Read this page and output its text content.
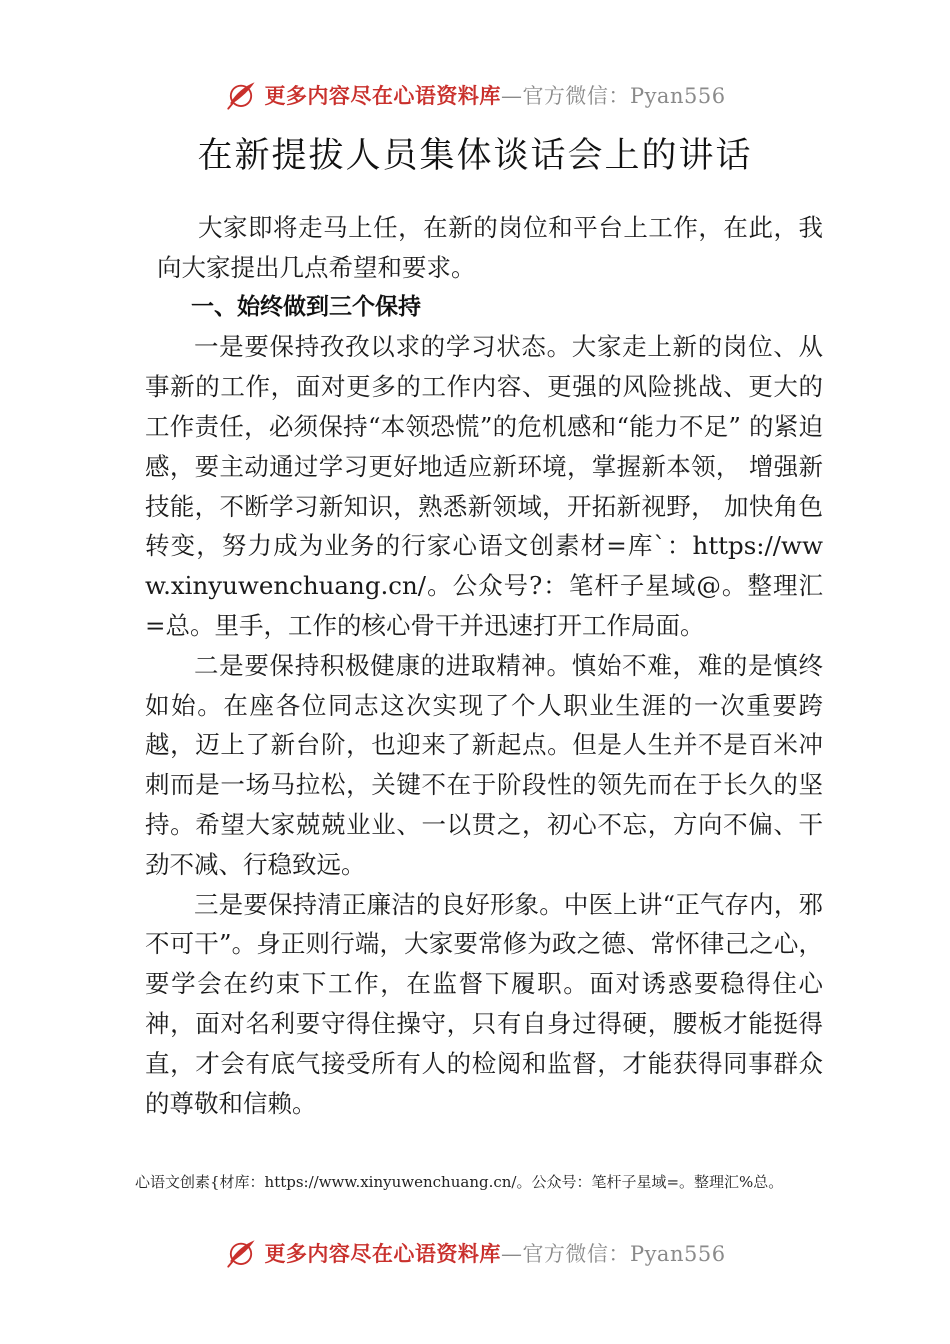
更多内容尽在心语资料库—官方微信：Pyan556
在新提拔人员集体谈话会上的讲话

大家即将走马上任，在新的岗位和平台上工作，在此，我向大家提出几点希望和要求。

一、始终做到三个保持

一是要保持孜孜以求的学习状态。大家走上新的岗位、从事新的工作，面对更多的工作内容、更强的风险挑战、更大的工作责任，必须保持“本领恐慌”的危机感和“能力不足” 的紧迫感，要主动通过学习更好地适应新环境，掌握新本领， 增强新技能，不断学习新知识，熟悉新领域，开拓新视野， 加快角色转变，努力成为业务的行家心语文创素材=库`：https://www.xinyuwenchuang.cn/。公众号?：笔杆子星域@。整理汇=总。里手，工作的核心骨干并迅速打开工作局面。

二是要保持积极健康的进取精神。慎始不难，难的是慎终如始。在座各位同志这次实现了个人职业生涯的一次重要跨越，迈上了新台阶，也迎来了新起点。但是人生并不是百米冲刺而是一场马拉松，关键不在于阶段性的领先而在于长久的坚持。希望大家兢兢业业、一以贯之，初心不忘，方向不偏、干劲不减、行稳致远。

三是要保持清正廉洁的良好形象。中医上讲“正气存内，邪不可干”。身正则行端，大家要常修为政之德、常怀律己之心，要学会在约束下工作，在监督下履职。面对诱惑要稳得住心神，面对名利要守得住操守，只有自身过得硬，腰板才能挺得直，才会有底气接受所有人的检阅和监督，才能获得同事群众的尊敬和信赖。

心语文创素{材库：https://www.xinyuwenchuang.cn/。公众号：笔杆子星域=。整理汇%总。
更多内容尽在心语资料库—官方微信：Pyan556
